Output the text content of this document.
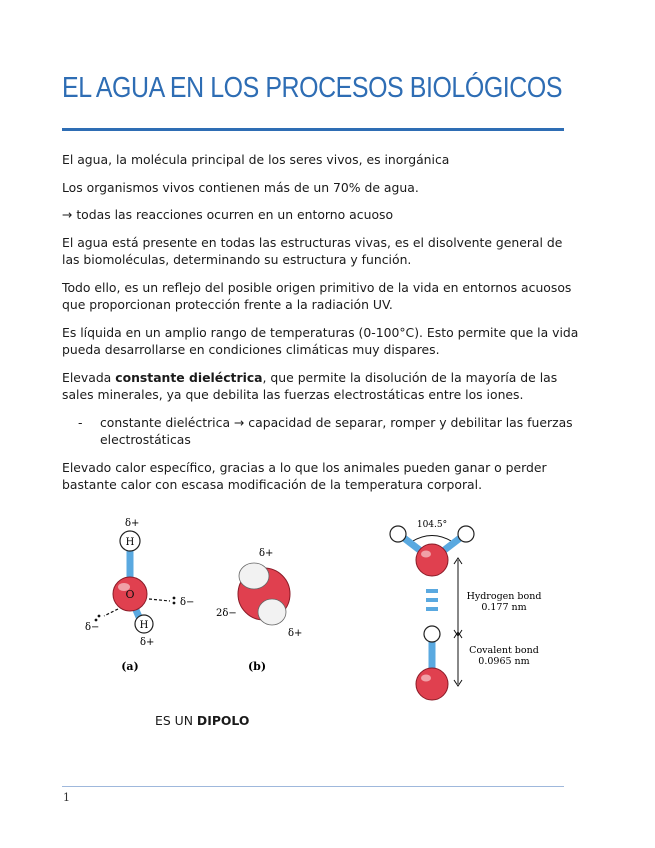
EL AGUA EN LOS PROCESOS BIOLÓGICOS

El agua, la molécula principal de los seres vivos, es inorgánica

Los organismos vivos contienen más de un 70% de agua.

→ todas las reacciones ocurren en un entorno acuoso

El agua está presente en todas las estructuras vivas, es el disolvente general de las biomoléculas, determinando su estructura y función.

Todo ello, es un reflejo del posible origen primitivo de la vida en entornos acuosos que proporcionan protección frente a la radiación UV.

Es líquida en un amplio rango de temperaturas (0-100°C). Esto permite que la vida pueda desarrollarse en condiciones climáticas muy dispares.

Elevada constante dieléctrica, que permite la disolución de la mayoría de las sales minerales, ya que debilita las fuerzas electrostáticas entre los iones.

- constante dieléctrica → capacidad de separar, romper y debilitar las fuerzas electrostáticas

Elevado calor específico, gracias a lo que los animales pueden ganar o perder bastante calor con escasa modificación de la temperatura corporal.

δ+
H
O
H
δ+
δ−
δ−
(a)
δ+
2δ−
δ+
(b)
104.5°
Hydrogen bond
0.177 nm
Covalent bond
0.0965 nm
ES UN DIPOLO
1
